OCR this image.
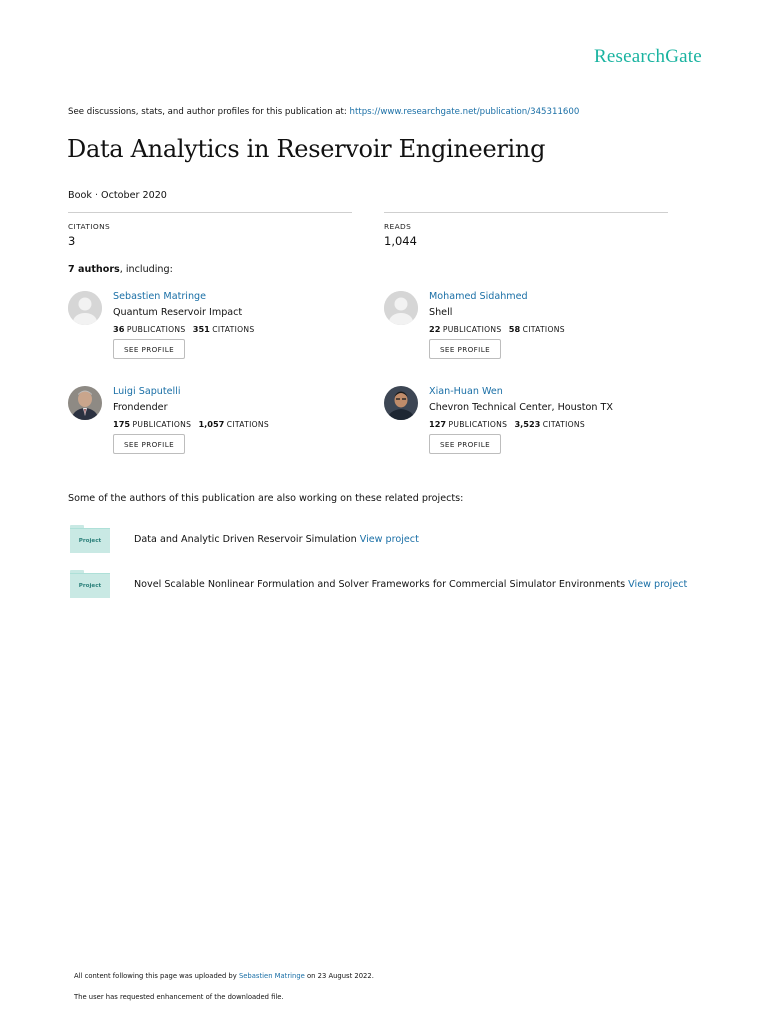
ResearchGate
See discussions, stats, and author profiles for this publication at: https://www.researchgate.net/publication/345311600
Data Analytics in Reservoir Engineering
Book · October 2020
CITATIONS
3
READS
1,044
7 authors, including:
Sebastien Matringe
Quantum Reservoir Impact
36 PUBLICATIONS 351 CITATIONS
SEE PROFILE
Mohamed Sidahmed
Shell
22 PUBLICATIONS 58 CITATIONS
SEE PROFILE
Luigi Saputelli
Frondender
175 PUBLICATIONS 1,057 CITATIONS
SEE PROFILE
Xian-Huan Wen
Chevron Technical Center, Houston TX
127 PUBLICATIONS 3,523 CITATIONS
SEE PROFILE
Some of the authors of this publication are also working on these related projects:
Project	Data and Analytic Driven Reservoir Simulation View project
Project	Novel Scalable Nonlinear Formulation and Solver Frameworks for Commercial Simulator Environments View project
All content following this page was uploaded by Sebastien Matringe on 23 August 2022.
The user has requested enhancement of the downloaded file.
